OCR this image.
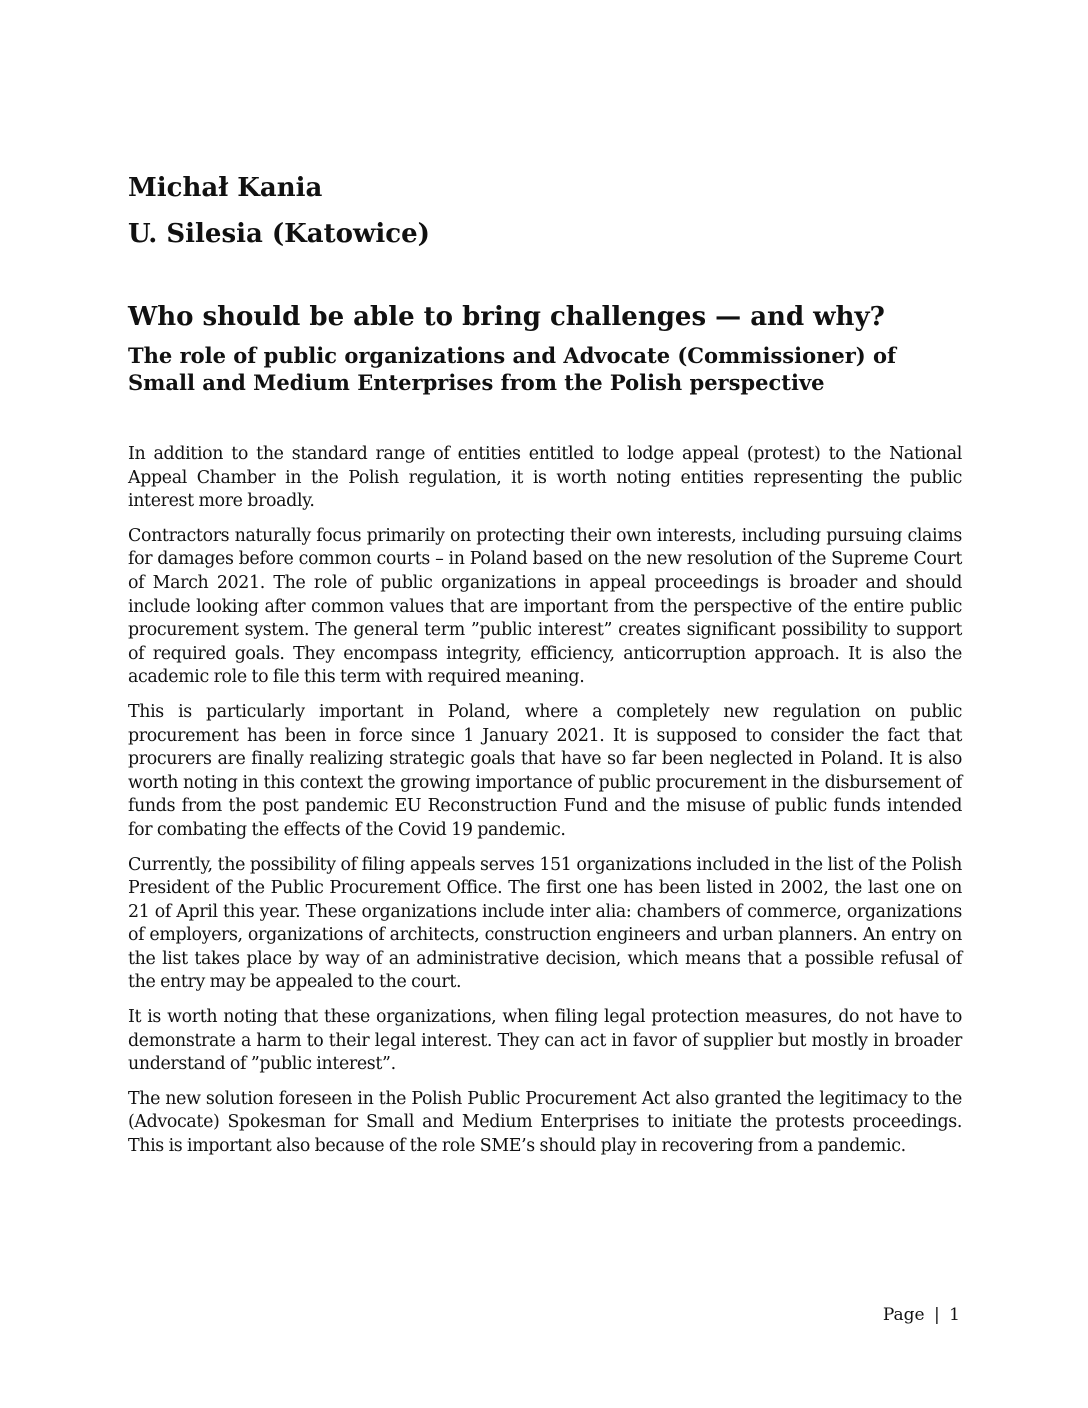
Michał Kania

U. Silesia (Katowice)

Who should be able to bring challenges — and why?
The role of public organizations and Advocate (Commissioner) of Small and Medium Enterprises from the Polish perspective

In addition to the standard range of entities entitled to lodge appeal (protest) to the National Appeal Chamber in the Polish regulation, it is worth noting entities representing the public interest more broadly.

Contractors naturally focus primarily on protecting their own interests, including pursuing claims for damages before common courts – in Poland based on the new resolution of the Supreme Court of March 2021. The role of public organizations in appeal proceedings is broader and should include looking after common values that are important from the perspective of the entire public procurement system. The general term ”public interest” creates significant possibility to support of required goals. They encompass integrity, efficiency, anticorruption approach. It is also the academic role to file this term with required meaning.

This is particularly important in Poland, where a completely new regulation on public procurement has been in force since 1 January 2021. It is supposed to consider the fact that procurers are finally realizing strategic goals that have so far been neglected in Poland. It is also worth noting in this context the growing importance of public procurement in the disbursement of funds from the post pandemic EU Reconstruction Fund and the misuse of public funds intended for combating the effects of the Covid 19 pandemic.

Currently, the possibility of filing appeals serves 151 organizations included in the list of the Polish President of the Public Procurement Office. The first one has been listed in 2002, the last one on 21 of April this year. These organizations include inter alia: chambers of commerce, organizations of employers, organizations of architects, construction engineers and urban planners. An entry on the list takes place by way of an administrative decision, which means that a possible refusal of the entry may be appealed to the court.

It is worth noting that these organizations, when filing legal protection measures, do not have to demonstrate a harm to their legal interest. They can act in favor of supplier but mostly in broader understand of ”public interest”.

The new solution foreseen in the Polish Public Procurement Act also granted the legitimacy to the (Advocate) Spokesman for Small and Medium Enterprises to initiate the protests proceedings. This is important also because of the role SME’s should play in recovering from a pandemic.

Page | 1
